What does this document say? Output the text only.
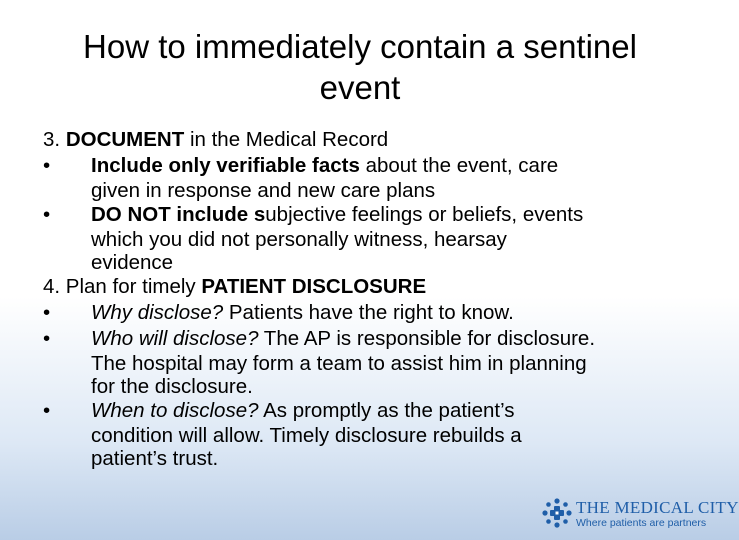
How to immediately contain a sentinel
event
3. DOCUMENT in the Medical Record
•	Include only verifiable facts about the event, care
given in response and new care plans
•	DO NOT include subjective feelings or beliefs, events
which you did not personally witness, hearsay
evidence
4. Plan for timely PATIENT DISCLOSURE
•	Why disclose? Patients have the right to know.
•	Who will disclose? The AP is responsible for disclosure.
The hospital may form a team to assist him in planning
for the disclosure.
•	When to disclose? As promptly as the patient’s
condition will allow. Timely disclosure rebuilds a
patient’s trust.
THE MEDICAL CITY
Where patients are partners
